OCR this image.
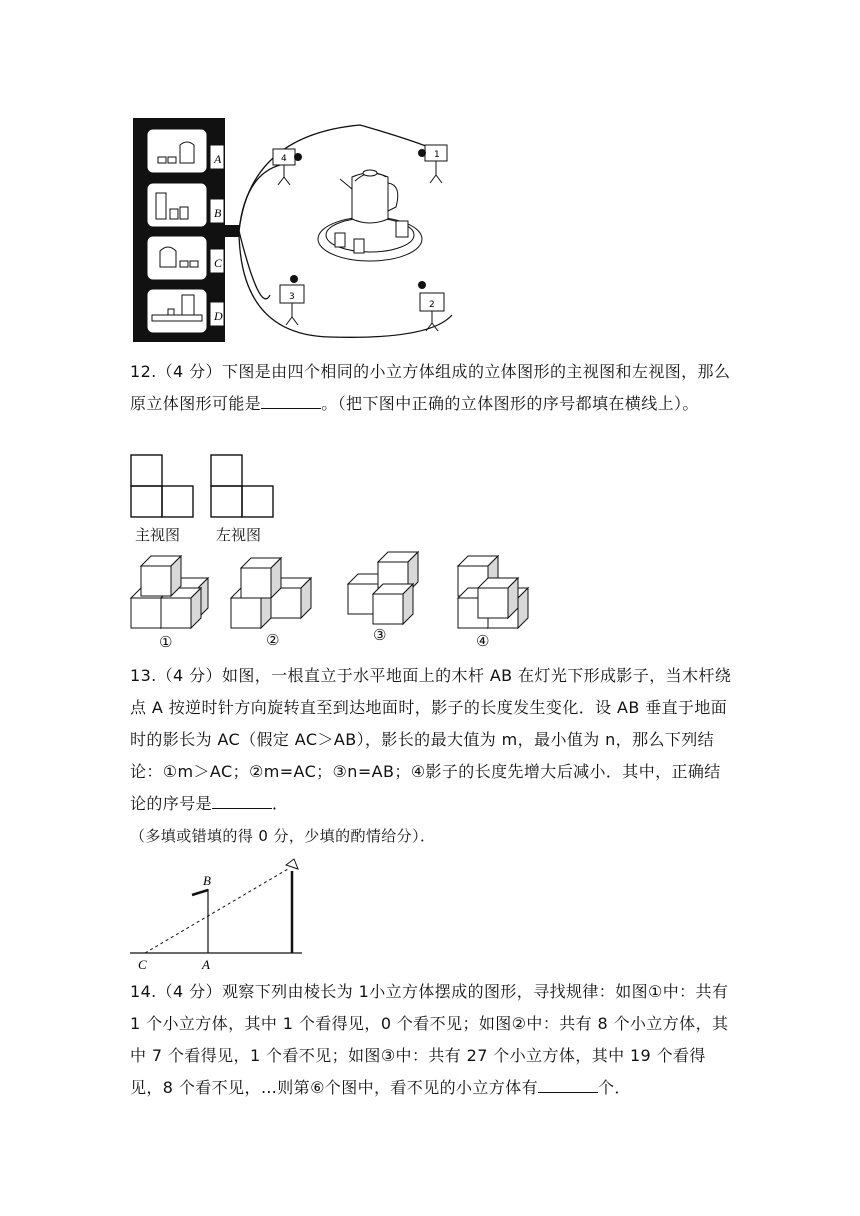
A
B
C
D
4	1
3
2

12.（4 分）下图是由四个相同的小立方体组成的立体图形的主视图和左视图，那么原立体图形可能是	。（把下图中正确的立体图形的序号都填在横线上）。

主视图 左视图
①	②	③	④

13.（4 分）如图，一根直立于水平地面上的木杆 AB 在灯光下形成影子，当木杆绕点 A 按逆时针方向旋转直至到达地面时，影子的长度发生变化．设 AB 垂直于地面时的影长为 AC（假定 AC＞AB），影长的最大值为 m，最小值为 n，那么下列结论：①m＞AC；②m=AC；③n=AB；④影子的长度先增大后减小．其中，正确结论的序号是	．

（多填或错填的得 0 分，少填的酌情给分）．

B
C	A

14.（4 分）观察下列由棱长为 1小立方体摆成的图形，寻找规律：如图①中：共有 1 个小立方体，其中 1 个看得见，0 个看不见；如图②中：共有 8 个小立方体，其中 7 个看得见，1 个看不见；如图③中：共有 27 个小立方体，其中 19 个看得见，8 个看不见，…则第⑥个图中，看不见的小立方体有	个．
